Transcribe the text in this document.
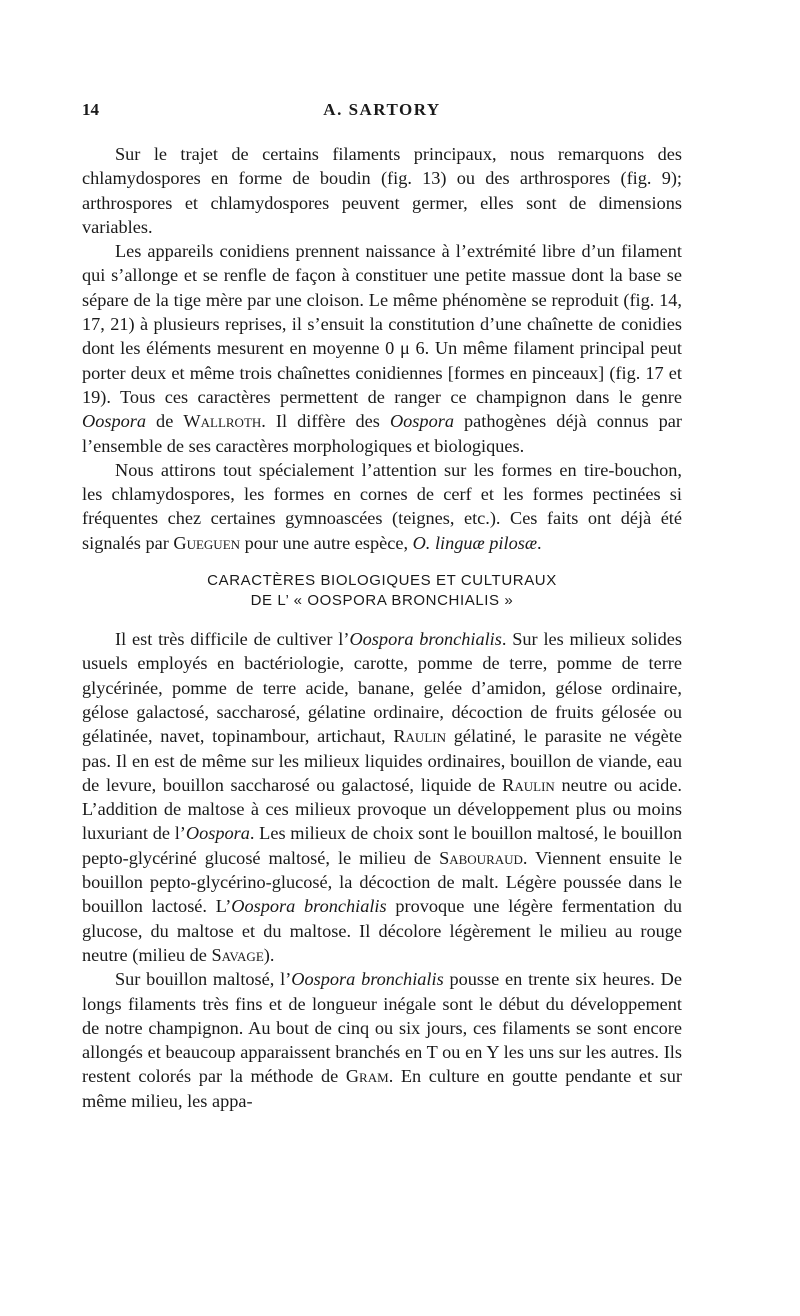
14	A. SARTORY

Sur le trajet de certains filaments principaux, nous remarquons des chlamydospores en forme de boudin (fig. 13) ou des arthrospores (fig. 9); arthrospores et chlamydospores peuvent germer, elles sont de dimensions variables.

Les appareils conidiens prennent naissance à l’extrémité libre d’un filament qui s’allonge et se renfle de façon à constituer une petite massue dont la base se sépare de la tige mère par une cloison. Le même phénomène se reproduit (fig. 14, 17, 21) à plusieurs reprises, il s’ensuit la constitution d’une chaînette de conidies dont les éléments mesurent en moyenne 0 μ 6. Un même filament principal peut porter deux et même trois chaînettes conidiennes [formes en pinceaux] (fig. 17 et 19). Tous ces caractères permettent de ranger ce champignon dans le genre Oospora de Wallroth. Il diffère des Oospora pathogènes déjà connus par l’ensemble de ses caractères morphologiques et biologiques.

Nous attirons tout spécialement l’attention sur les formes en tire-bouchon, les chlamydospores, les formes en cornes de cerf et les formes pectinées si fréquentes chez certaines gymnoascées (teignes, etc.). Ces faits ont déjà été signalés par Gueguen pour une autre espèce, O. linguæ pilosæ.

CARACTÈRES BIOLOGIQUES ET CULTURAUX
DE L’ « OOSPORA BRONCHIALIS »

Il est très difficile de cultiver l’Oospora bronchialis. Sur les milieux solides usuels employés en bactériologie, carotte, pomme de terre, pomme de terre glycérinée, pomme de terre acide, banane, gelée d’amidon, gélose ordinaire, gélose galactosé, saccharosé, gélatine ordinaire, décoction de fruits gélosée ou gélatinée, navet, topinambour, artichaut, Raulin gélatiné, le parasite ne végète pas. Il en est de même sur les milieux liquides ordinaires, bouillon de viande, eau de levure, bouillon saccharosé ou galactosé, liquide de Raulin neutre ou acide. L’addition de maltose à ces milieux provoque un développement plus ou moins luxuriant de l’Oospora. Les milieux de choix sont le bouillon maltosé, le bouillon pepto-glycériné glucosé maltosé, le milieu de Sabouraud. Viennent ensuite le bouillon pepto-glycérino-glucosé, la décoction de malt. Légère poussée dans le bouillon lactosé. L’Oospora bronchialis provoque une légère fermentation du glucose, du maltose et du maltose. Il décolore légèrement le milieu au rouge neutre (milieu de Savage).

Sur bouillon maltosé, l’Oospora bronchialis pousse en trente six heures. De longs filaments très fins et de longueur inégale sont le début du développement de notre champignon. Au bout de cinq ou six jours, ces filaments se sont encore allongés et beaucoup apparaissent branchés en T ou en Y les uns sur les autres. Ils restent colorés par la méthode de Gram. En culture en goutte pendante et sur même milieu, les appa-
